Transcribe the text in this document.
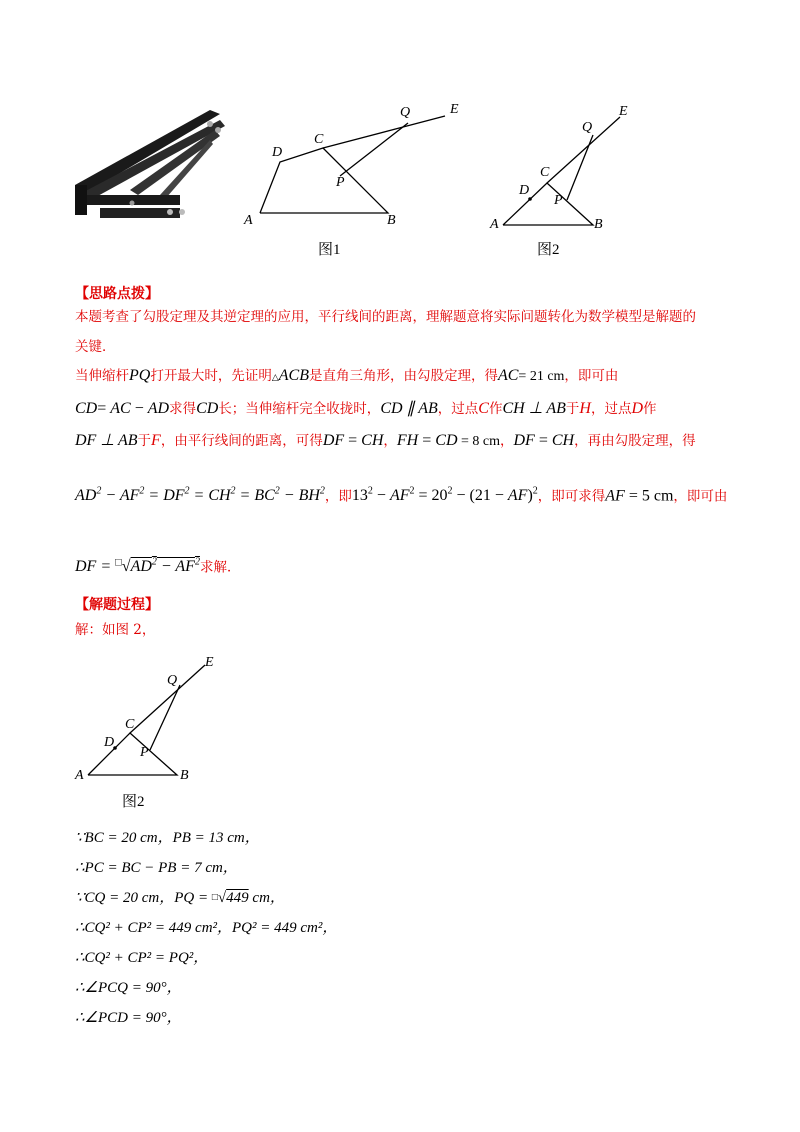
A	B
C
D
P
Q	E
图1
A	B
C
D
P
Q
E
图2
【思路点拨】
本题考查了勾股定理及其逆定理的应用，平行线间的距离，理解题意将实际问题转化为数学模型是解题的
关键．
当伸缩杆PQ打开最大时，先证明△ACB是直角三角形，由勾股定理，得AC= 21 cm，即可由
CD= AC − AD求得CD长；当伸缩杆完全收拢时，CD ∥ AB，过点C作CH ⊥ AB于H，过点D作
DF ⊥ AB于F，由平行线间的距离，可得DF = CH，FH = CD = 8 cm，DF = CH，再由勾股定理，得
$AD^2 - AF^2 = DF^2 = CH^2 = BC^2 - BH^2$，即$13^2 - AF^2 = 20^2 - (21 - AF)^2$，即可求得AF = 5 cm，即可由
DF = $^□√AD^2 - AF^2$求解．
【解题过程】
解：如图 2，
A	B
C
D
P
Q
E
图2
∵BC = 20 cm，PB = 13 cm，
∴PC = BC − PB = 7 cm，
∵CQ = 20 cm，PQ = □√449 cm，
∴CQ² + CP² = 449 cm²，PQ² = 449 cm²，
∴CQ² + CP² = PQ²，
∴∠PCQ = 90°，
∴∠PCD = 90°，
